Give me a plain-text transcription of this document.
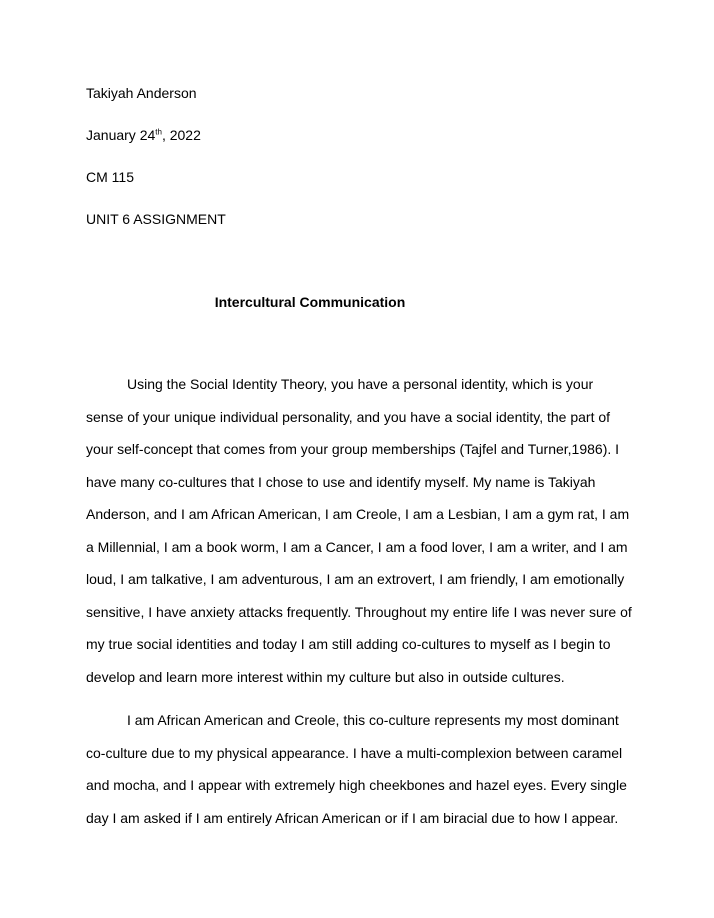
Takiyah Anderson
January 24th, 2022
CM 115
UNIT 6 ASSIGNMENT
Intercultural Communication
Using the Social Identity Theory, you have a personal identity, which is your
sense of your unique individual personality, and you have a social identity, the part of
your self-concept that comes from your group memberships (Tajfel and Turner,1986). I
have many co-cultures that I chose to use and identify myself. My name is Takiyah
Anderson, and I am African American, I am Creole, I am a Lesbian, I am a gym rat, I am
a Millennial, I am a book worm, I am a Cancer, I am a food lover, I am a writer, and I am
loud, I am talkative, I am adventurous, I am an extrovert, I am friendly, I am emotionally
sensitive, I have anxiety attacks frequently. Throughout my entire life I was never sure of
my true social identities and today I am still adding co-cultures to myself as I begin to
develop and learn more interest within my culture but also in outside cultures.
I am African American and Creole, this co-culture represents my most dominant
co-culture due to my physical appearance. I have a multi-complexion between caramel
and mocha, and I appear with extremely high cheekbones and hazel eyes. Every single
day I am asked if I am entirely African American or if I am biracial due to how I appear.
